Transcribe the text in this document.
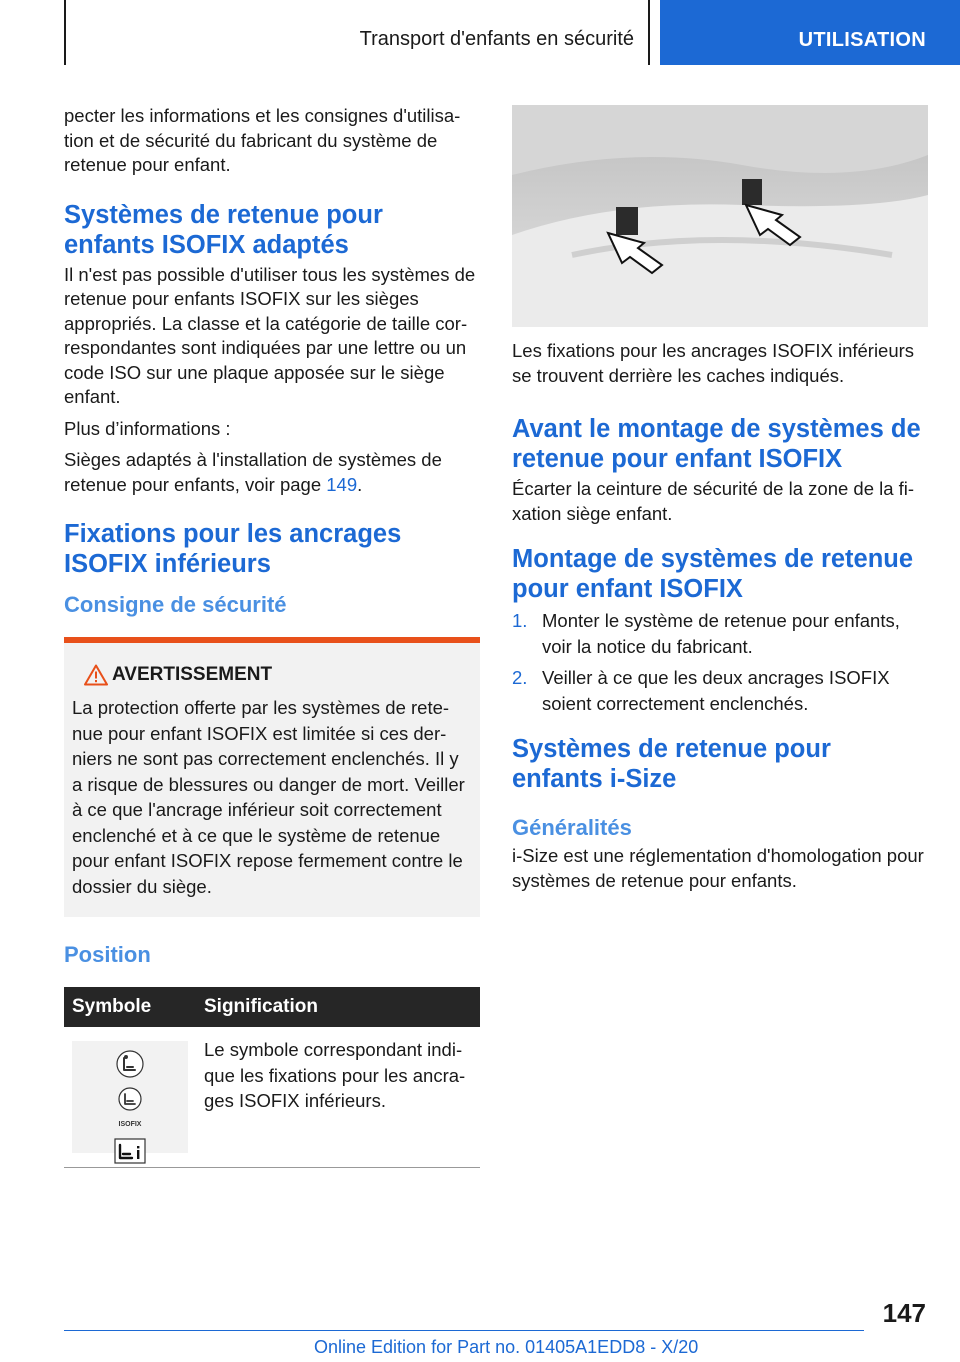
Transport d'enfants en sécurité	UTILISATION

pecter les informations et les consignes d'utilisa-tion et de sécurité du fabricant du système de retenue pour enfant.

Systèmes de retenue pour enfants ISOFIX adaptés

Il n'est pas possible d'utiliser tous les systèmes de retenue pour enfants ISOFIX sur les sièges appropriés. La classe et la catégorie de taille cor-respondantes sont indiquées par une lettre ou un code ISO sur une plaque apposée sur le siège enfant.

Plus d’informations :

Sièges adaptés à l'installation de systèmes de retenue pour enfants, voir page 149.

Fixations pour les ancrages ISOFIX inférieurs
Consigne de sécurité
AVERTISSEMENT

La protection offerte par les systèmes de rete-nue pour enfant ISOFIX est limitée si ces der-niers ne sont pas correctement enclenchés. Il y a risque de blessures ou danger de mort. Veiller à ce que l'ancrage inférieur soit correctement enclenché et à ce que le système de retenue pour enfant ISOFIX repose fermement contre le dossier du siège.

Position
Symbole	Signification

ISOFIX	Le symbole correspondant indi-que les fixations pour les ancra-ges ISOFIX inférieurs.

Les fixations pour les ancrages ISOFIX inférieurs se trouvent derrière les caches indiqués.

Avant le montage de systèmes de retenue pour enfant ISOFIX

Écarter la ceinture de sécurité de la zone de la fi-xation siège enfant.

Montage de systèmes de retenue pour enfant ISOFIX
1. Monter le système de retenue pour enfants, voir la notice du fabricant.
2. Veiller à ce que les deux ancrages ISOFIX soient correctement enclenchés.
Systèmes de retenue pour enfants i-Size
Généralités

i-Size est une réglementation d'homologation pour systèmes de retenue pour enfants.

147
Online Edition for Part no. 01405A1EDD8 - X/20
